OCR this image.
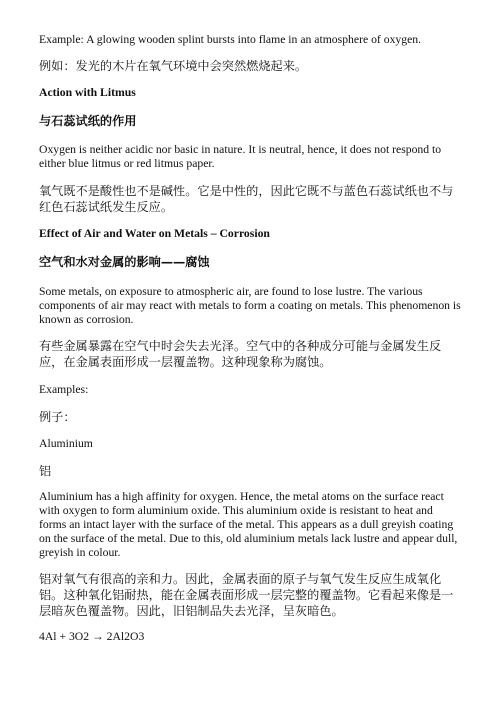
Example: A glowing wooden splint bursts into flame in an atmosphere of oxygen.

例如：发光的木片在氧气环境中会突然燃烧起来。

Action with Litmus

与石蕊试纸的作用

Oxygen is neither acidic nor basic in nature. It is neutral, hence, it does not respond to either blue litmus or red litmus paper.

氧气既不是酸性也不是碱性。它是中性的，因此它既不与蓝色石蕊试纸也不与红色石蕊试纸发生反应。

Effect of Air and Water on Metals – Corrosion

空气和水对金属的影响——腐蚀

Some metals, on exposure to atmospheric air, are found to lose lustre. The various components of air may react with metals to form a coating on metals. This phenomenon is known as corrosion.

有些金属暴露在空气中时会失去光泽。空气中的各种成分可能与金属发生反应，在金属表面形成一层覆盖物。这种现象称为腐蚀。

Examples:

例子：

Aluminium

铝

Aluminium has a high affinity for oxygen. Hence, the metal atoms on the surface react with oxygen to form aluminium oxide. This aluminium oxide is resistant to heat and forms an intact layer with the surface of the metal. This appears as a dull greyish coating on the surface of the metal. Due to this, old aluminium metals lack lustre and appear dull, greyish in colour.

铝对氧气有很高的亲和力。因此，金属表面的原子与氧气发生反应生成氧化铝。这种氧化铝耐热，能在金属表面形成一层完整的覆盖物。它看起来像是一层暗灰色覆盖物。因此，旧铝制品失去光泽，呈灰暗色。

4Al + 3O2 → 2Al2O3
